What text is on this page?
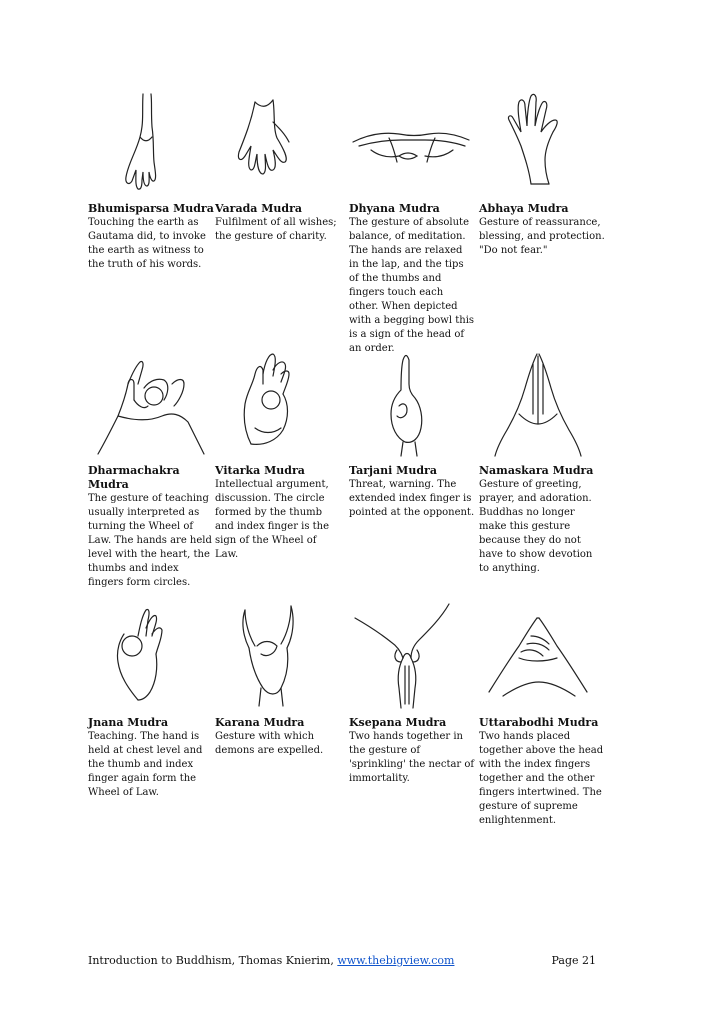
Bhumisparsa Mudra

Touching the earth as Gautama did, to invoke the earth as witness to the truth of his words.

Varada Mudra

Fulfilment of all wishes; the gesture of charity.

Dhyana Mudra

The gesture of absolute balance, of meditation. The hands are relaxed in the lap, and the tips of the thumbs and fingers touch each other. When depicted with a begging bowl this is a sign of the head of an order.

Abhaya Mudra

Gesture of reassurance, blessing, and protection. "Do not fear."

Dharmachakra Mudra

The gesture of teaching usually interpreted as turning the Wheel of Law. The hands are held level with the heart, the thumbs and index fingers form circles.

Vitarka Mudra

Intellectual argument, discussion. The circle formed by the thumb and index finger is the sign of the Wheel of Law.

Tarjani Mudra

Threat, warning. The extended index finger is pointed at the opponent.

Namaskara Mudra

Gesture of greeting, prayer, and adoration. Buddhas no longer make this gesture because they do not have to show devotion to anything.

Jnana Mudra

Teaching. The hand is held at chest level and the thumb and index finger again form the Wheel of Law.

Karana Mudra

Gesture with which demons are expelled.

Ksepana Mudra

Two hands together in the gesture of 'sprinkling' the nectar of immortality.

Uttarabodhi Mudra

Two hands placed together above the head with the index fingers together and the other fingers intertwined. The gesture of supreme enlightenment.

Introduction to Buddhism, Thomas Knierim, www.thebigview.com	Page 21
